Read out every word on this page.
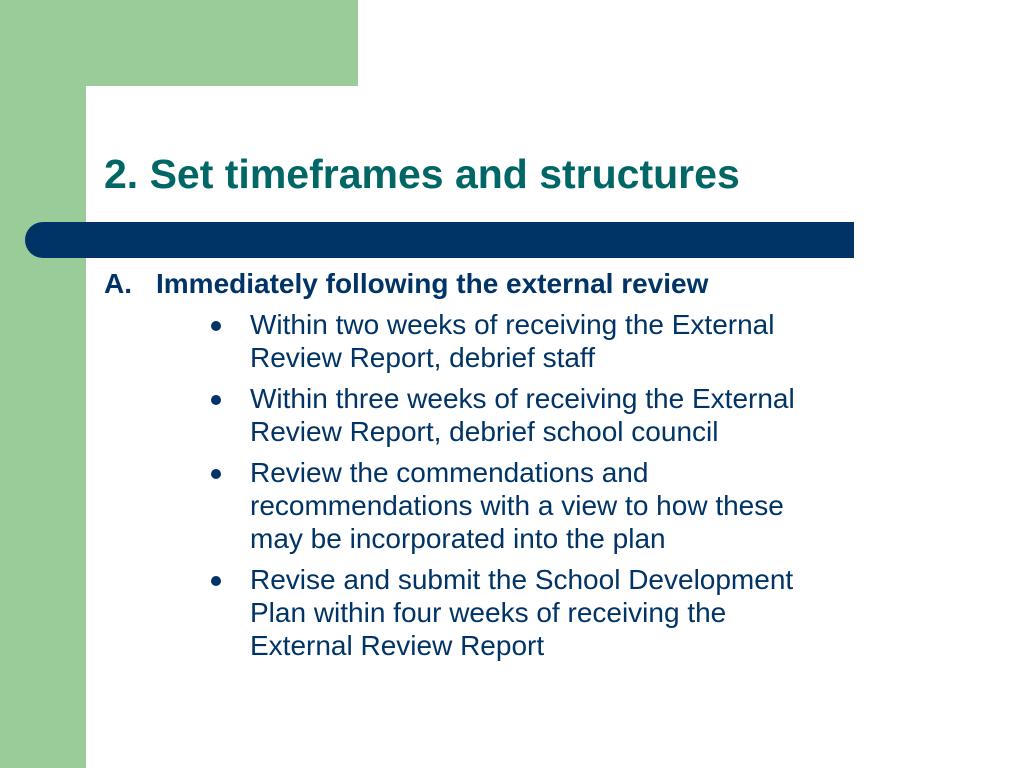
2. Set timeframes and structures
A. Immediately following the external review
Within two weeks of receiving the External
Review Report, debrief staff
Within three weeks of receiving the External
Review Report, debrief school council
Review the commendations and
recommendations with a view to how these
may be incorporated into the plan
Revise and submit the School Development
Plan within four weeks of receiving the
External Review Report
